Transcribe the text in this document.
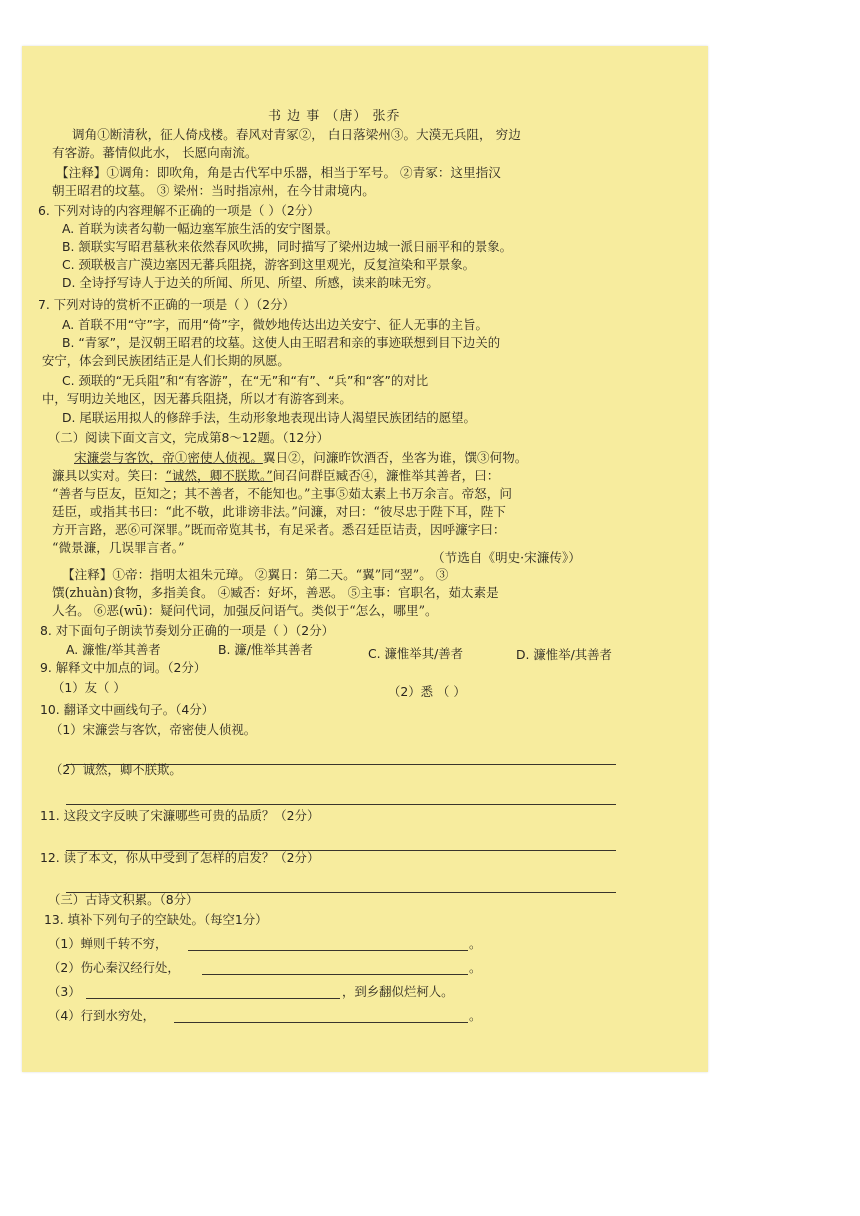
书 边 事 （唐） 张乔
调角①断清秋，征人倚戍楼。春风对青冢②， 白日落梁州③。大漠无兵阻， 穷边
有客游。蕃情似此水， 长愿向南流。
【注释】①调角：即吹角，角是古代军中乐器，相当于军号。 ②青冢：这里指汉
朝王昭君的坟墓。 ③ 梁州：当时指凉州，在今甘肃境内。
6. 下列对诗的内容理解不正确的一项是（ ）（2分）
A. 首联为读者勾勒一幅边塞军旅生活的安宁图景。
B. 颔联实写昭君墓秋来依然春风吹拂，同时描写了梁州边城一派日丽平和的景象。
C. 颈联极言广漠边塞因无蕃兵阻挠，游客到这里观光，反复渲染和平景象。
D. 全诗抒写诗人于边关的所闻、所见、所望、所感，读来韵味无穷。
7. 下列对诗的赏析不正确的一项是（ ）（2分）
A. 首联不用“守”字，而用“倚”字，微妙地传达出边关安宁、征人无事的主旨。
B. “青冢”，是汉朝王昭君的坟墓。这使人由王昭君和亲的事迹联想到目下边关的
安宁，体会到民族团结正是人们长期的夙愿。
C. 颈联的“无兵阻”和“有客游”，在“无”和“有”、“兵”和“客”的对比
中，写明边关地区，因无蕃兵阻挠，所以才有游客到来。
D. 尾联运用拟人的修辞手法，生动形象地表现出诗人渴望民族团结的愿望。
（二）阅读下面文言文，完成第8～12题。（12分）
宋濂尝与客饮，帝①密使人侦视。翼日②，问濂昨饮酒否，坐客为谁，馔③何物。
濂具以实对。笑曰：“诚然，卿不朕欺。”间召问群臣臧否④，濂惟举其善者，曰：
“善者与臣友，臣知之；其不善者，不能知也。”主事⑤茹太素上书万余言。帝怒，问
廷臣，或指其书曰：“此不敬，此诽谤非法。”问濂，对曰：“彼尽忠于陛下耳，陛下
方开言路，恶⑥可深罪。”既而帝览其书，有足采者。悉召廷臣诘责，因呼濂字曰：
“微景濂，几误罪言者。”
（节选自《明史·宋濂传》）
【注释】①帝：指明太祖朱元璋。 ②翼日：第二天。“翼”同“翌”。 ③
馔(zhuàn)食物，多指美食。 ④臧否：好坏，善恶。 ⑤主事：官职名，茹太素是
人名。 ⑥恶(wū)：疑问代词，加强反问语气。类似于“怎么，哪里”。
8. 对下面句子朗读节奏划分正确的一项是（ ）（2分）
A. 濂惟/举其善者	B. 濂/惟举其善者	C. 濂惟举其/善者	D. 濂惟举/其善者
9. 解释文中加点的词。（2分）
（1）友（ ）	（2）悉 （ ）
10. 翻译文中画线句子。（4分）
（1）宋濂尝与客饮，帝密使人侦视。
（2）诚然，卿不朕欺。
11. 这段文字反映了宋濂哪些可贵的品质？（2分）
12. 读了本文，你从中受到了怎样的启发？（2分）
（三）古诗文积累。（8分）
13. 填补下列句子的空缺处。（每空1分）
（1）蝉则千转不穷，	。
（2）伤心秦汉经行处，	。
（3）	，到乡翻似烂柯人。
（4）行到水穷处，	。
